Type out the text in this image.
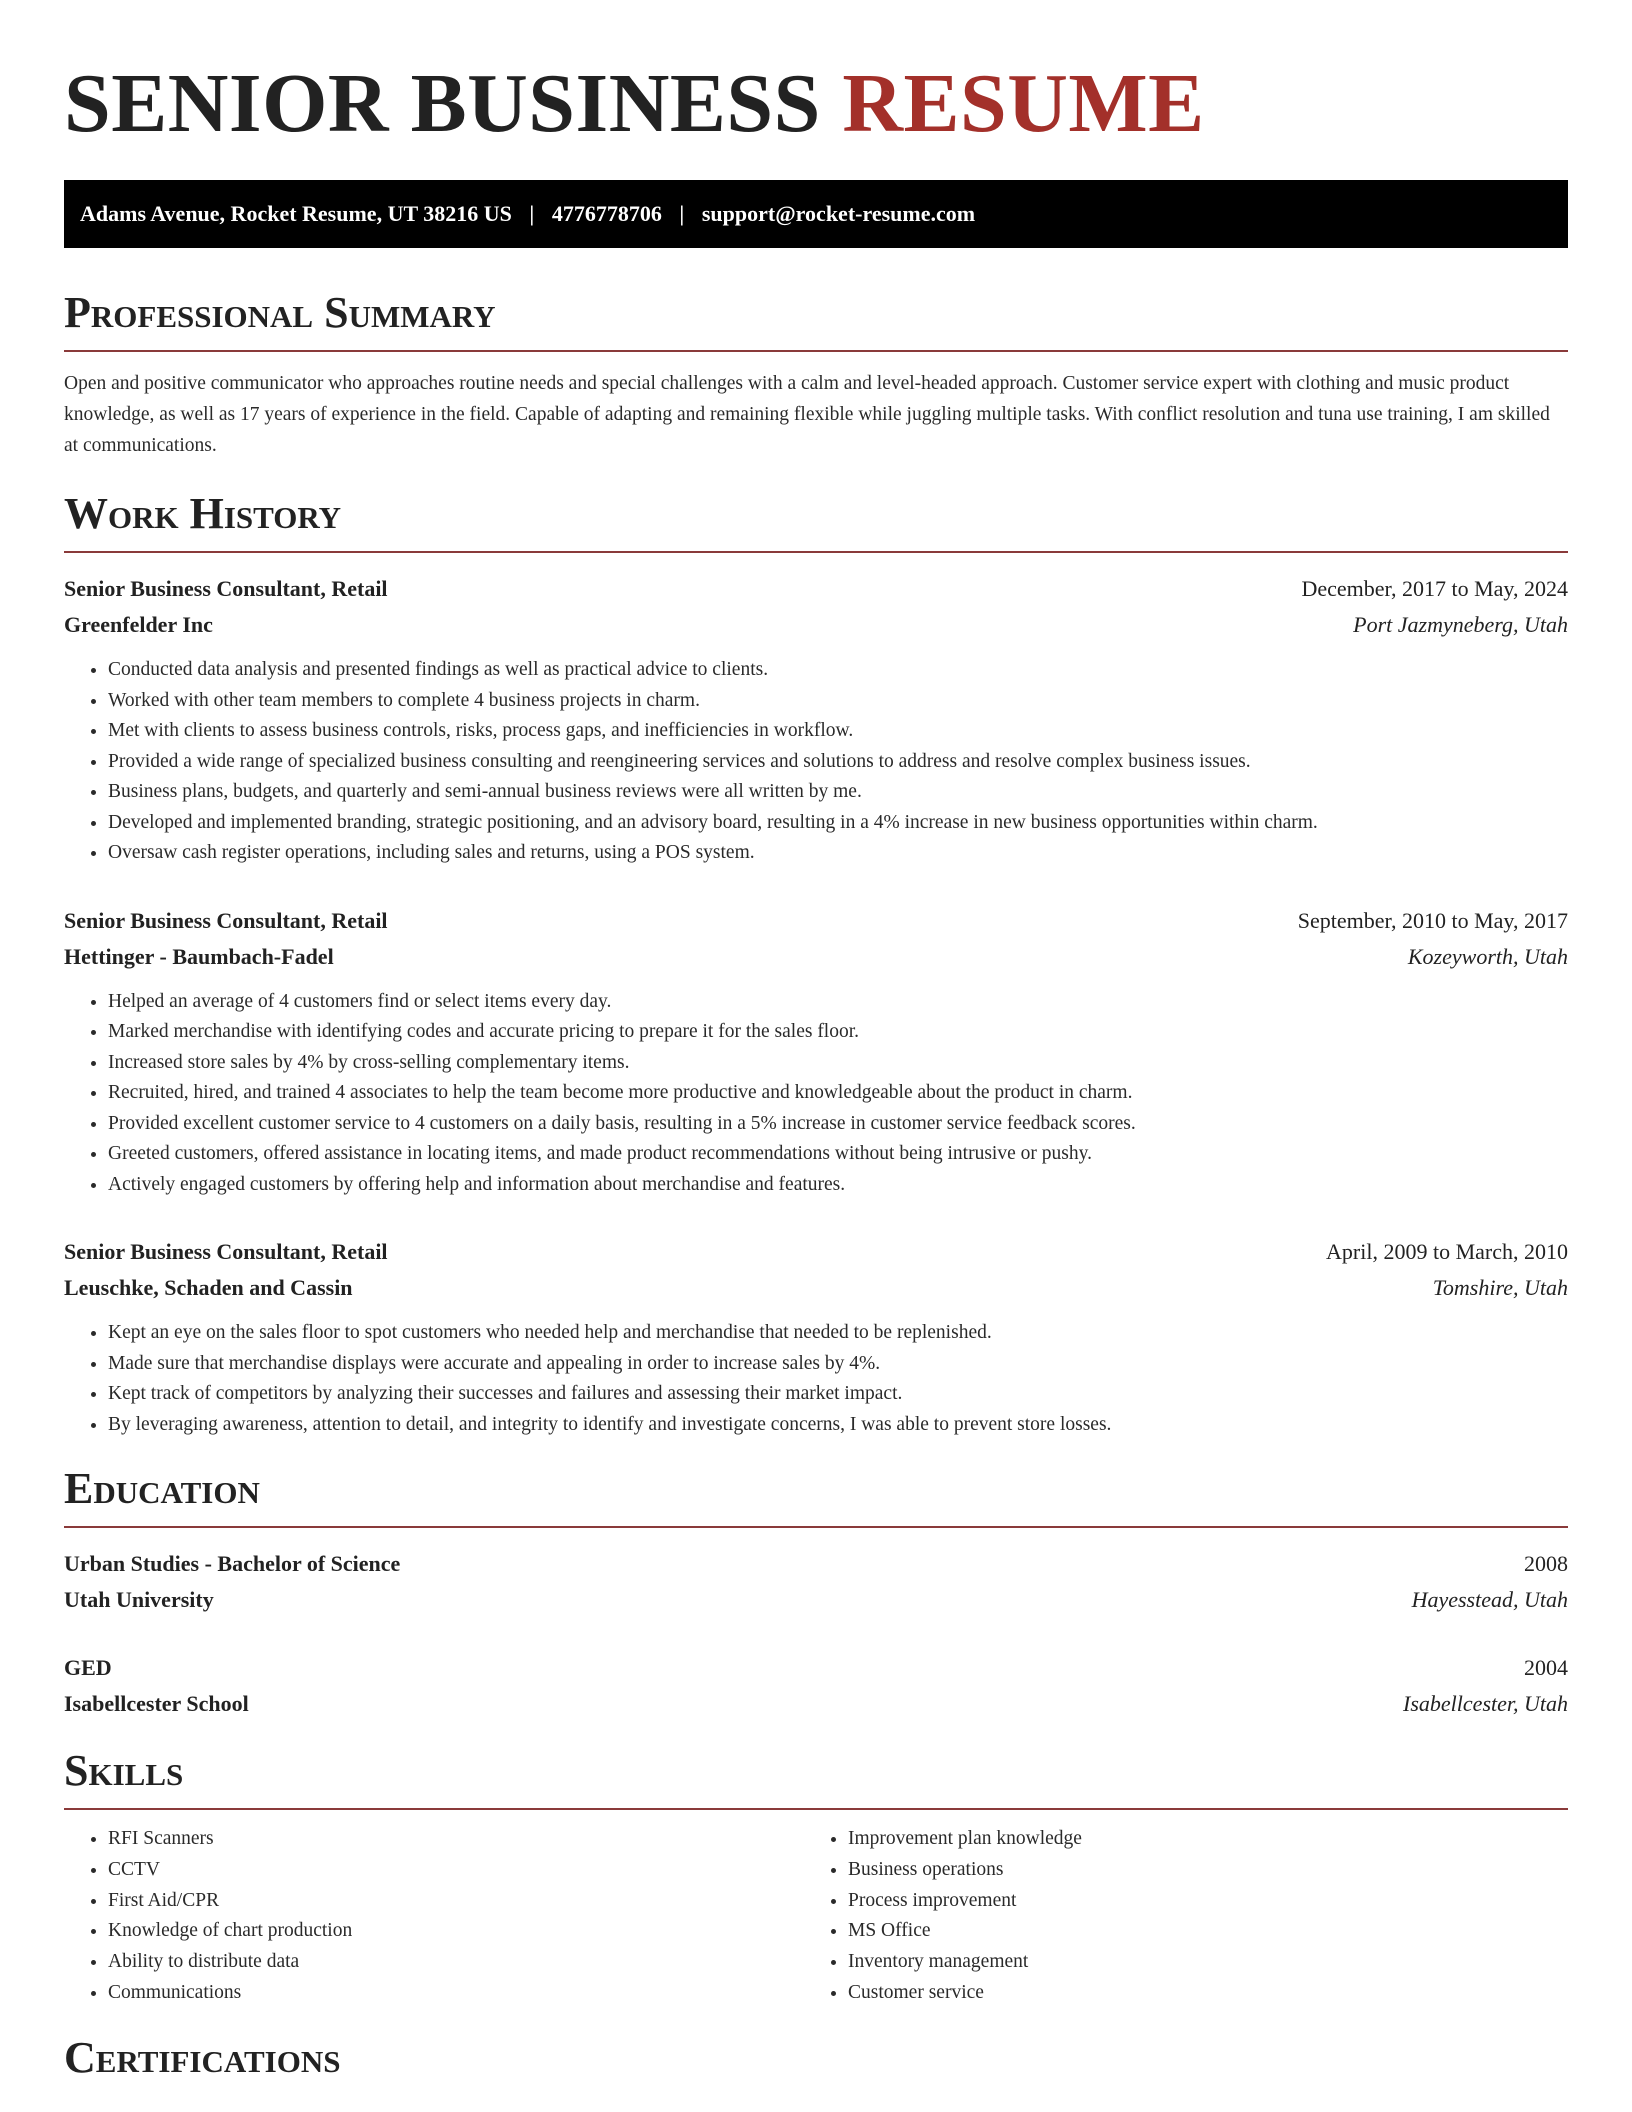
SENIOR BUSINESS RESUME
Adams Avenue, Rocket Resume, UT 38216 US | 4776778706 | support@rocket-resume.com
Professional Summary

Open and positive communicator who approaches routine needs and special challenges with a calm and level-headed approach. Customer service expert with clothing and music product knowledge, as well as 17 years of experience in the field. Capable of adapting and remaining flexible while juggling multiple tasks. With conflict resolution and tuna use training, I am skilled at communications.

Work History
Senior Business Consultant, Retail	December, 2017 to May, 2024
Greenfelder Inc	Port Jazmyneberg, Utah
• Conducted data analysis and presented findings as well as practical advice to clients.
• Worked with other team members to complete 4 business projects in charm.
• Met with clients to assess business controls, risks, process gaps, and inefficiencies in workflow.
• Provided a wide range of specialized business consulting and reengineering services and solutions to address and resolve complex business issues.
• Business plans, budgets, and quarterly and semi-annual business reviews were all written by me.
• Developed and implemented branding, strategic positioning, and an advisory board, resulting in a 4% increase in new business opportunities within charm.
• Oversaw cash register operations, including sales and returns, using a POS system.
Senior Business Consultant, Retail	September, 2010 to May, 2017
Hettinger - Baumbach-Fadel	Kozeyworth, Utah
• Helped an average of 4 customers find or select items every day.
• Marked merchandise with identifying codes and accurate pricing to prepare it for the sales floor.
• Increased store sales by 4% by cross-selling complementary items.
• Recruited, hired, and trained 4 associates to help the team become more productive and knowledgeable about the product in charm.
• Provided excellent customer service to 4 customers on a daily basis, resulting in a 5% increase in customer service feedback scores.
• Greeted customers, offered assistance in locating items, and made product recommendations without being intrusive or pushy.
• Actively engaged customers by offering help and information about merchandise and features.
Senior Business Consultant, Retail	April, 2009 to March, 2010
Leuschke, Schaden and Cassin	Tomshire, Utah
• Kept an eye on the sales floor to spot customers who needed help and merchandise that needed to be replenished.
• Made sure that merchandise displays were accurate and appealing in order to increase sales by 4%.
• Kept track of competitors by analyzing their successes and failures and assessing their market impact.
• By leveraging awareness, attention to detail, and integrity to identify and investigate concerns, I was able to prevent store losses.
Education
Urban Studies - Bachelor of Science	2008
Utah University	Hayesstead, Utah
GED	2004
Isabellcester School	Isabellcester, Utah
Skills
• RFI Scanners
• CCTV
• First Aid/CPR
• Knowledge of chart production
• Ability to distribute data
• Communications
• Improvement plan knowledge
• Business operations
• Process improvement
• MS Office
• Inventory management
• Customer service
Certifications
